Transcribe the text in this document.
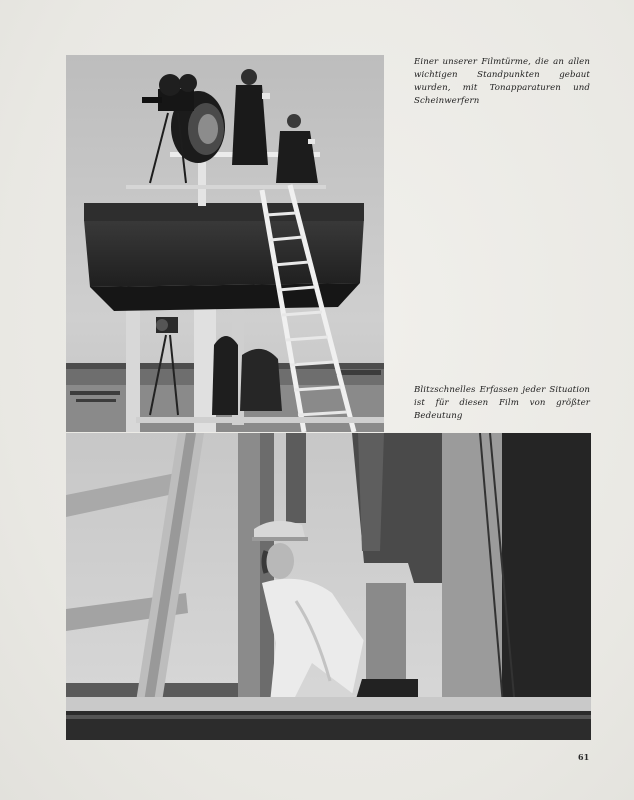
Einer unserer Filmtürme, die an allen wichtigen Standpunkten gebaut wurden, mit Tonapparaturen und Scheinwerfern
Blitzschnelles Erfassen jeder Situation ist für diesen Film von größter Bedeutung
61
